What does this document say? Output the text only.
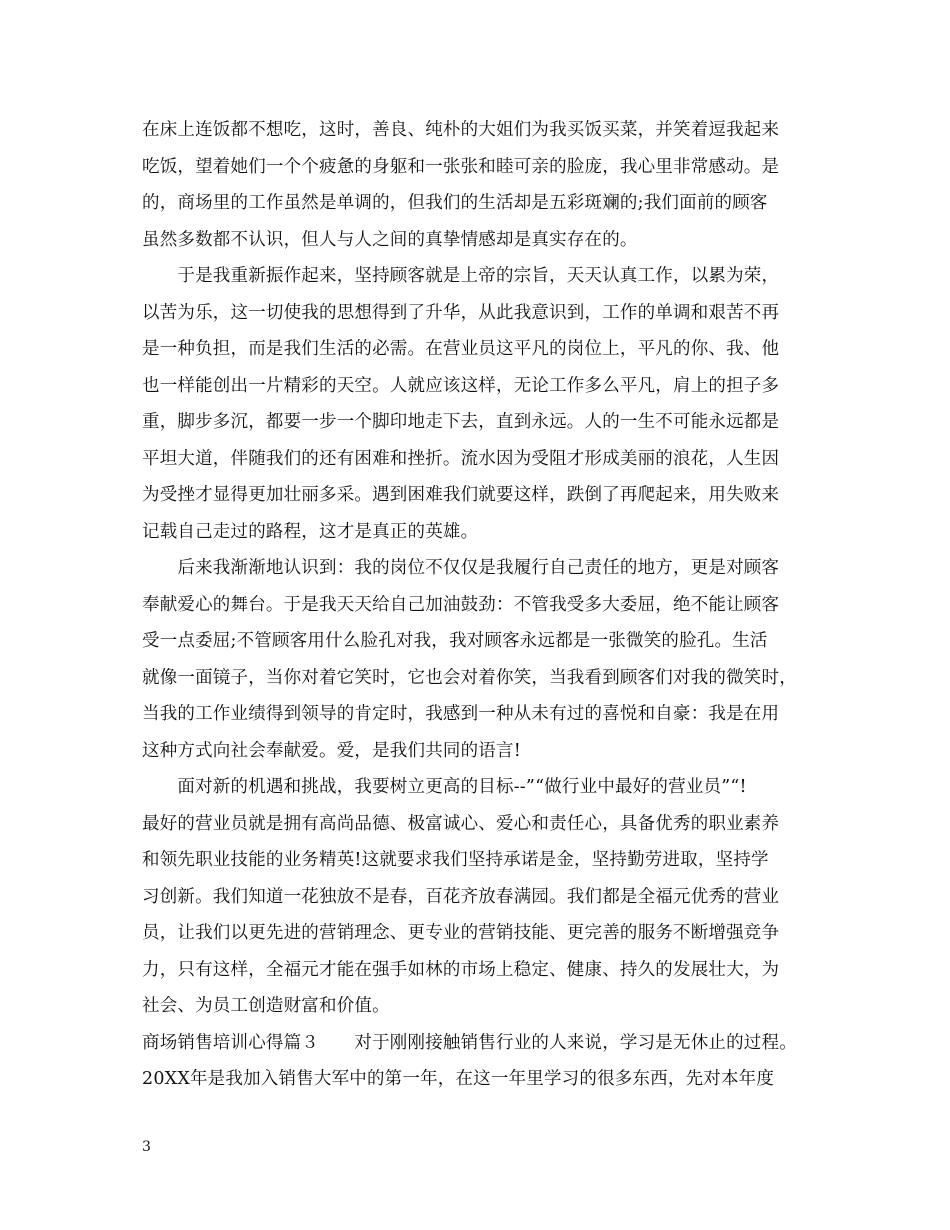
在床上连饭都不想吃，这时，善良、纯朴的大姐们为我买饭买菜，并笑着逗我起来
吃饭，望着她们一个个疲惫的身躯和一张张和睦可亲的脸庞，我心里非常感动。是
的，商场里的工作虽然是单调的，但我们的生活却是五彩斑斓的;我们面前的顾客
虽然多数都不认识，但人与人之间的真挚情感却是真实存在的。
　　于是我重新振作起来，坚持顾客就是上帝的宗旨，天天认真工作，以累为荣，
以苦为乐，这一切使我的思想得到了升华，从此我意识到，工作的单调和艰苦不再
是一种负担，而是我们生活的必需。在营业员这平凡的岗位上，平凡的你、我、他
也一样能创出一片精彩的天空。人就应该这样，无论工作多么平凡，肩上的担子多
重，脚步多沉，都要一步一个脚印地走下去，直到永远。人的一生不可能永远都是
平坦大道，伴随我们的还有困难和挫折。流水因为受阻才形成美丽的浪花，人生因
为受挫才显得更加壮丽多采。遇到困难我们就要这样，跌倒了再爬起来，用失败来
记载自己走过的路程，这才是真正的英雄。
　　后来我渐渐地认识到：我的岗位不仅仅是我履行自己责任的地方，更是对顾客
奉献爱心的舞台。于是我天天给自己加油鼓劲：不管我受多大委屈，绝不能让顾客
受一点委屈;不管顾客用什么脸孔对我，我对顾客永远都是一张微笑的脸孔。生活
就像一面镜子，当你对着它笑时，它也会对着你笑，当我看到顾客们对我的微笑时，
当我的工作业绩得到领导的肯定时，我感到一种从未有过的喜悦和自豪：我是在用
这种方式向社会奉献爱。爱，是我们共同的语言!
　　面对新的机遇和挑战，我要树立更高的目标--”“做行业中最好的营业员”“!
最好的营业员就是拥有高尚品德、极富诚心、爱心和责任心，具备优秀的职业素养
和领先职业技能的业务精英!这就要求我们坚持承诺是金，坚持勤劳进取，坚持学
习创新。我们知道一花独放不是春，百花齐放春满园。我们都是全福元优秀的营业
员，让我们以更先进的营销理念、更专业的营销技能、更完善的服务不断增强竞争
力，只有这样，全福元才能在强手如林的市场上稳定、健康、持久的发展壮大，为
社会、为员工创造财富和价值。
商场销售培训心得篇３　　对于刚刚接触销售行业的人来说，学习是无休止的过程。
20XX年是我加入销售大军中的第一年，在这一年里学习的很多东西，先对本年度
3
